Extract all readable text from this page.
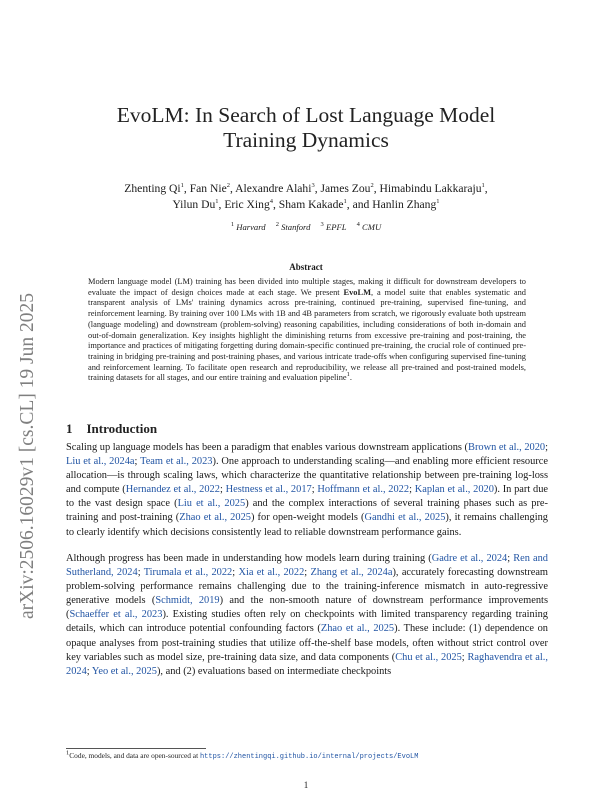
arXiv:2506.16029v1 [cs.CL] 19 Jun 2025
EvoLM: In Search of Lost Language Model Training Dynamics
Zhenting Qi$^1$, Fan Nie$^2$, Alexandre Alahi$^3$, James Zou$^2$, Himabindu Lakkaraju$^1$,
Yilun Du$^1$, Eric Xing$^4$, Sham Kakade$^1$, and Hanlin Zhang$^1$
$^1$ Harvard $^2$ Stanford $^3$ EPFL $^4$ CMU
Abstract

Modern language model (LM) training has been divided into multiple stages, making it difficult for downstream developers to evaluate the impact of design choices made at each stage. We present EvoLM, a model suite that enables systematic and transparent analysis of LMs' training dynamics across pre-training, continued pre-training, supervised fine-tuning, and reinforcement learning. By training over 100 LMs with 1B and 4B parameters from scratch, we rigorously evaluate both upstream (language modeling) and downstream (problem-solving) reasoning capabilities, including considerations of both in-domain and out-of-domain generalization. Key insights highlight the diminishing returns from excessive pre-training and post-training, the importance and practices of mitigating forgetting during domain-specific continued pre-training, the crucial role of continued pre-training in bridging pre-training and post-training phases, and various intricate trade-offs when configuring supervised fine-tuning and reinforcement learning. To facilitate open research and reproducibility, we release all pre-trained and post-trained models, training datasets for all stages, and our entire training and evaluation pipeline$^1$.

1 Introduction

Scaling up language models has been a paradigm that enables various downstream applications (Brown et al., 2020; Liu et al., 2024a; Team et al., 2023). One approach to understanding scaling—and enabling more efficient resource allocation—is through scaling laws, which characterize the quantitative relationship between pre-training log-loss and compute (Hernandez et al., 2022; Hestness et al., 2017; Hoffmann et al., 2022; Kaplan et al., 2020). In part due to the vast design space (Liu et al., 2025) and the complex interactions of several training phases such as pre-training and post-training (Zhao et al., 2025) for open-weight models (Gandhi et al., 2025), it remains challenging to clearly identify which decisions consistently lead to reliable downstream performance gains.

Although progress has been made in understanding how models learn during training (Gadre et al., 2024; Ren and Sutherland, 2024; Tirumala et al., 2022; Xia et al., 2022; Zhang et al., 2024a), accurately forecasting downstream problem-solving performance remains challenging due to the training-inference mismatch in auto-regressive generative models (Schmidt, 2019) and the non-smooth nature of downstream performance improvements (Schaeffer et al., 2023). Existing studies often rely on checkpoints with limited transparency regarding training details, which can introduce potential confounding factors (Zhao et al., 2025). These include: (1) dependence on opaque analyses from post-training studies that utilize off-the-shelf base models, often without strict control over key variables such as model size, pre-training data size, and data components (Chu et al., 2025; Raghavendra et al., 2024; Yeo et al., 2025), and (2) evaluations based on intermediate checkpoints

$^1$Code, models, and data are open-sourced at https://zhentingqi.github.io/internal/projects/EvoLM

1
